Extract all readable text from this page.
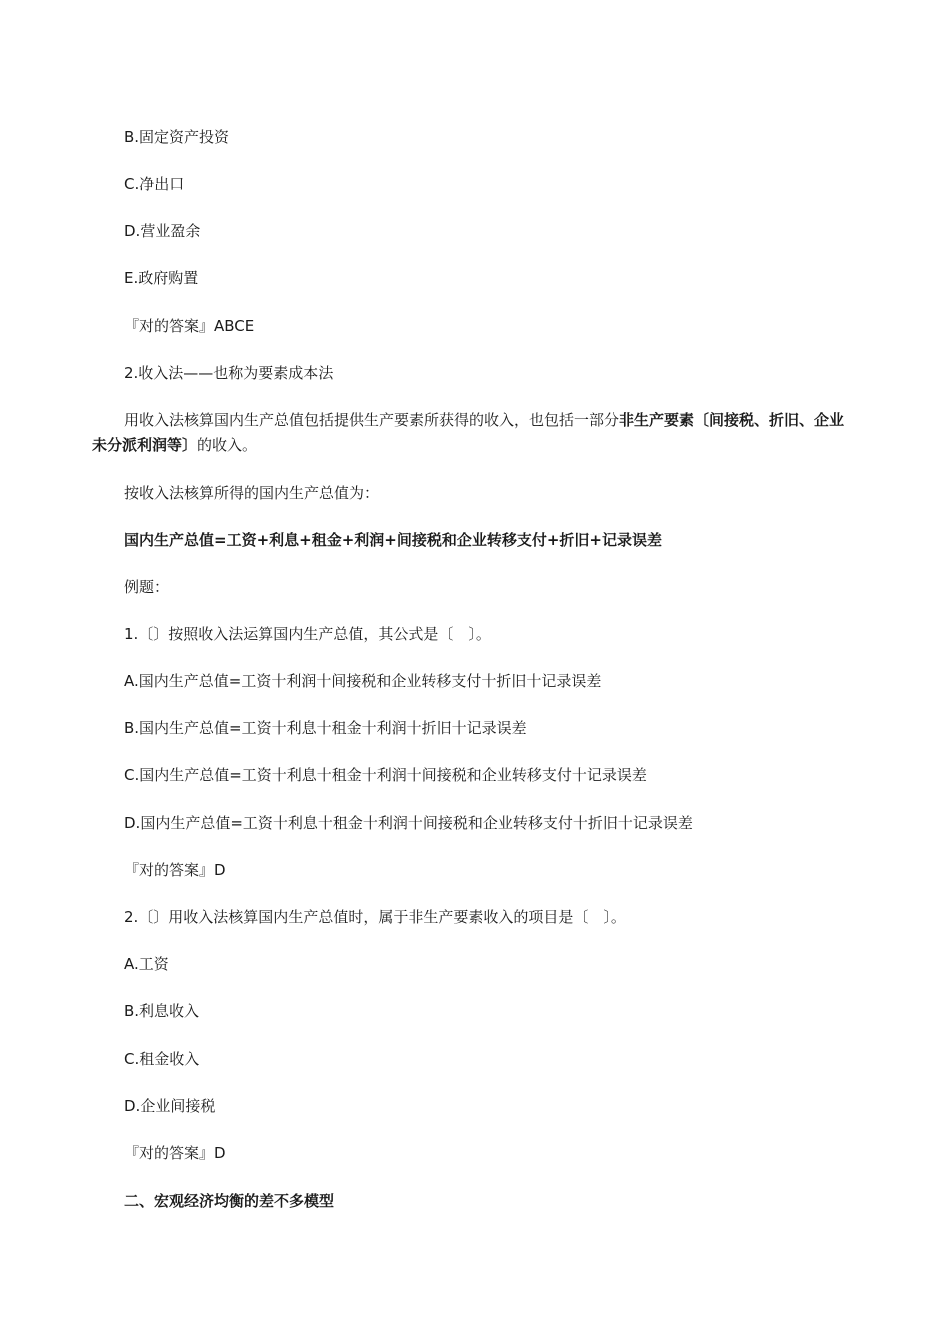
B.固定资产投资
C.净出口
D.营业盈余
E.政府购置
『对的答案』ABCE
2.收入法——也称为要素成本法
用收入法核算国内生产总值包括提供生产要素所获得的收入，也包括一部分非生产要素〔间接税、折旧、企业未分派利润等〕的收入。
按收入法核算所得的国内生产总值为：
国内生产总值=工资+利息+租金+利润+间接税和企业转移支付+折旧+记录误差
例题：
1.〔〕按照收入法运算国内生产总值，其公式是〔　〕。
A.国内生产总值=工资十利润十间接税和企业转移支付十折旧十记录误差
B.国内生产总值=工资十利息十租金十利润十折旧十记录误差
C.国内生产总值=工资十利息十租金十利润十间接税和企业转移支付十记录误差
D.国内生产总值=工资十利息十租金十利润十间接税和企业转移支付十折旧十记录误差
『对的答案』D
2.〔〕用收入法核算国内生产总值时，属于非生产要素收入的项目是〔　〕。
A.工资
B.利息收入
C.租金收入
D.企业间接税
『对的答案』D
二、宏观经济均衡的差不多模型
